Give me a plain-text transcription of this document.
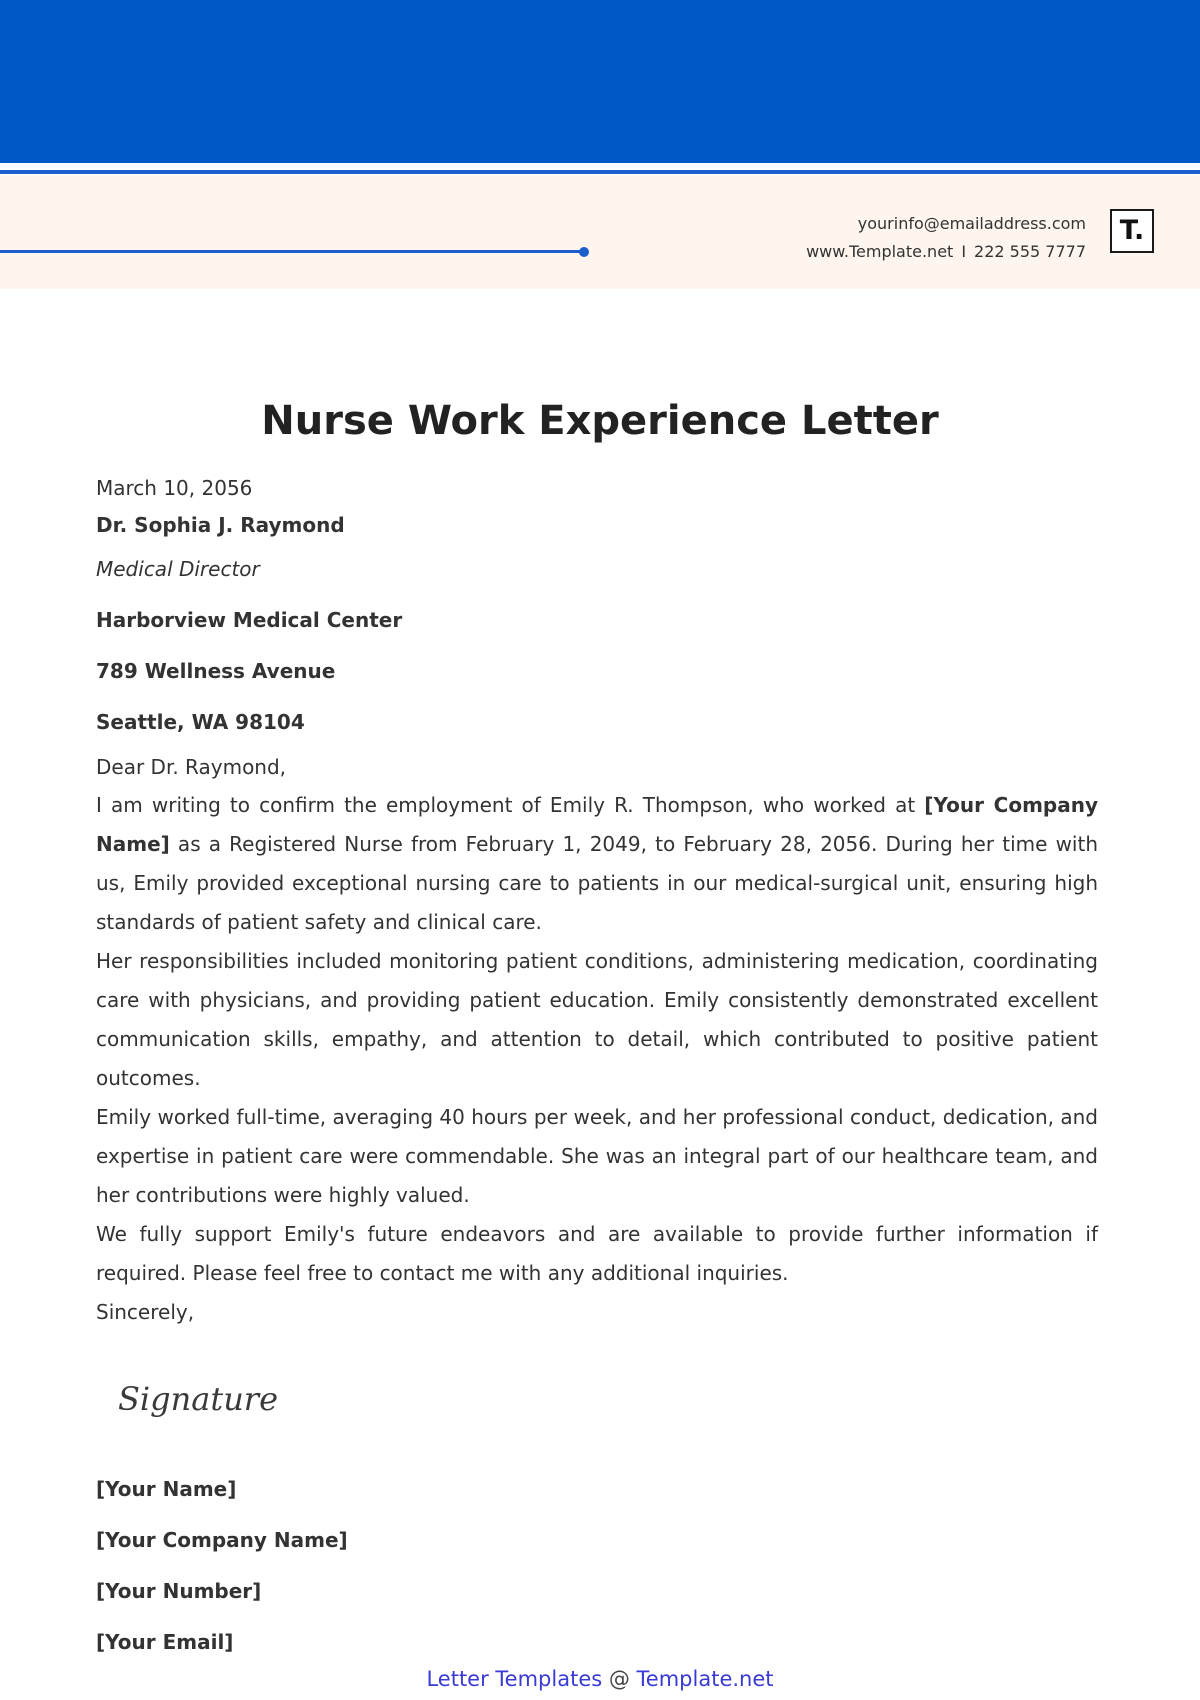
yourinfo@emailaddress.com
www.Template.net I 222 555 7777
T.
Nurse Work Experience Letter

March 10, 2056

Dr. Sophia J. Raymond

Medical Director

Harborview Medical Center

789 Wellness Avenue

Seattle, WA 98104

Dear Dr. Raymond,

I am writing to confirm the employment of Emily R. Thompson, who worked at [Your Company Name] as a Registered Nurse from February 1, 2049, to February 28, 2056. During her time with us, Emily provided exceptional nursing care to patients in our medical-surgical unit, ensuring high standards of patient safety and clinical care.

Her responsibilities included monitoring patient conditions, administering medication, coordinating care with physicians, and providing patient education. Emily consistently demonstrated excellent communication skills, empathy, and attention to detail, which contributed to positive patient outcomes.

Emily worked full-time, averaging 40 hours per week, and her professional conduct, dedication, and expertise in patient care were commendable. She was an integral part of our healthcare team, and her contributions were highly valued.

We fully support Emily's future endeavors and are available to provide further information if required. Please feel free to contact me with any additional inquiries.

Sincerely,

Signature

[Your Name]

[Your Company Name]

[Your Number]

[Your Email]

Letter Templates @ Template.net
